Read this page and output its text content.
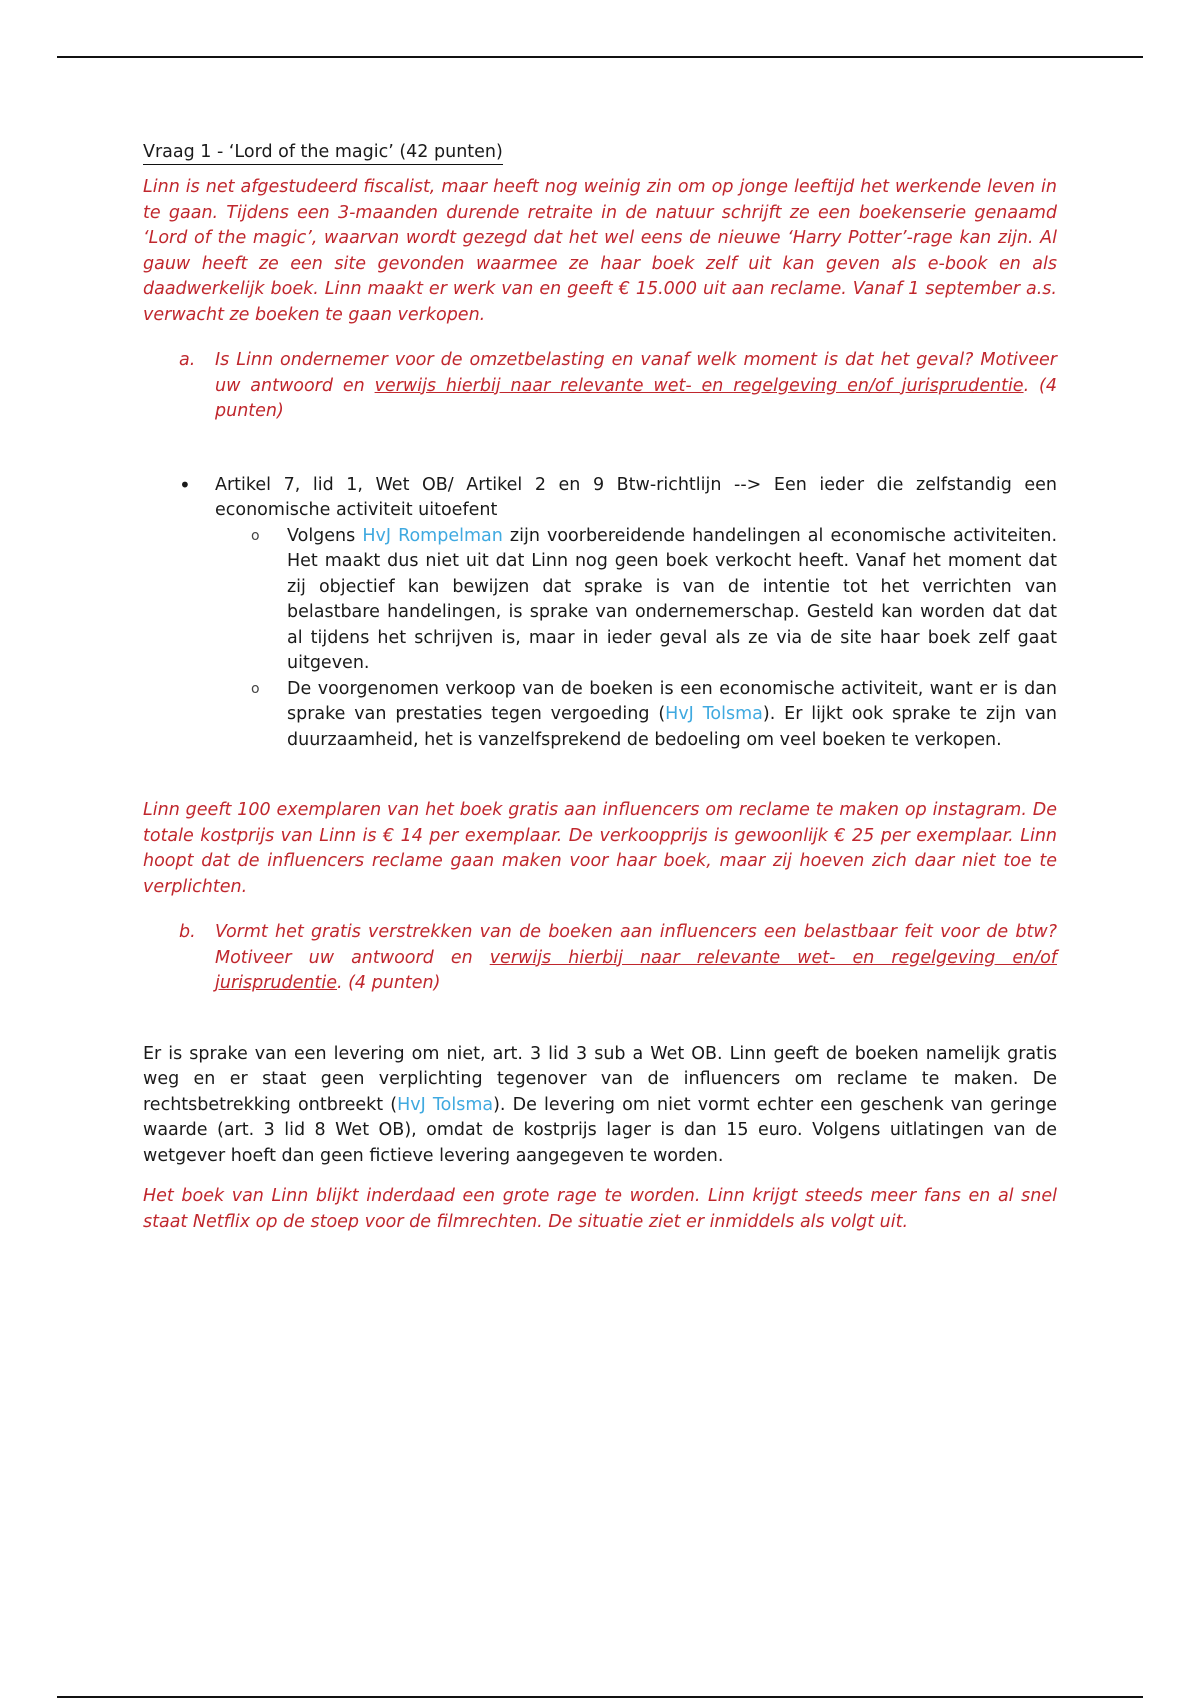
Vraag 1 - ‘Lord of the magic’ (42 punten)

Linn is net afgestudeerd fiscalist, maar heeft nog weinig zin om op jonge leeftijd het werkende leven in te gaan. Tijdens een 3-maanden durende retraite in de natuur schrijft ze een boekenserie genaamd ‘Lord of the magic’, waarvan wordt gezegd dat het wel eens de nieuwe ‘Harry Potter’-rage kan zijn. Al gauw heeft ze een site gevonden waarmee ze haar boek zelf uit kan geven als e-book en als daadwerkelijk boek. Linn maakt er werk van en geeft € 15.000 uit aan reclame. Vanaf 1 september a.s. verwacht ze boeken te gaan verkopen.

a.	Is Linn ondernemer voor de omzetbelasting en vanaf welk moment is dat het geval? Motiveer uw antwoord en verwijs hierbij naar relevante wet- en regelgeving en/of jurisprudentie. (4 punten)
•	Artikel 7, lid 1, Wet OB/ Artikel 2 en 9 Btw-richtlijn --> Een ieder die zelfstandig een economische activiteit uitoefent
o	Volgens HvJ Rompelman zijn voorbereidende handelingen al economische activiteiten. Het maakt dus niet uit dat Linn nog geen boek verkocht heeft. Vanaf het moment dat zij objectief kan bewijzen dat sprake is van de intentie tot het verrichten van belastbare handelingen, is sprake van ondernemerschap. Gesteld kan worden dat dat al tijdens het schrijven is, maar in ieder geval als ze via de site haar boek zelf gaat uitgeven.
o	De voorgenomen verkoop van de boeken is een economische activiteit, want er is dan sprake van prestaties tegen vergoeding (HvJ Tolsma). Er lijkt ook sprake te zijn van duurzaamheid, het is vanzelfsprekend de bedoeling om veel boeken te verkopen.

Linn geeft 100 exemplaren van het boek gratis aan influencers om reclame te maken op instagram. De totale kostprijs van Linn is € 14 per exemplaar. De verkoopprijs is gewoonlijk € 25 per exemplaar. Linn hoopt dat de influencers reclame gaan maken voor haar boek, maar zij hoeven zich daar niet toe te verplichten.

b.	Vormt het gratis verstrekken van de boeken aan influencers een belastbaar feit voor de btw? Motiveer uw antwoord en verwijs hierbij naar relevante wet- en regelgeving en/of jurisprudentie. (4 punten)

Er is sprake van een levering om niet, art. 3 lid 3 sub a Wet OB. Linn geeft de boeken namelijk gratis weg en er staat geen verplichting tegenover van de influencers om reclame te maken. De rechtsbetrekking ontbreekt (HvJ Tolsma). De levering om niet vormt echter een geschenk van geringe waarde (art. 3 lid 8 Wet OB), omdat de kostprijs lager is dan 15 euro. Volgens uitlatingen van de wetgever hoeft dan geen fictieve levering aangegeven te worden.

Het boek van Linn blijkt inderdaad een grote rage te worden. Linn krijgt steeds meer fans en al snel staat Netflix op de stoep voor de filmrechten. De situatie ziet er inmiddels als volgt uit.
